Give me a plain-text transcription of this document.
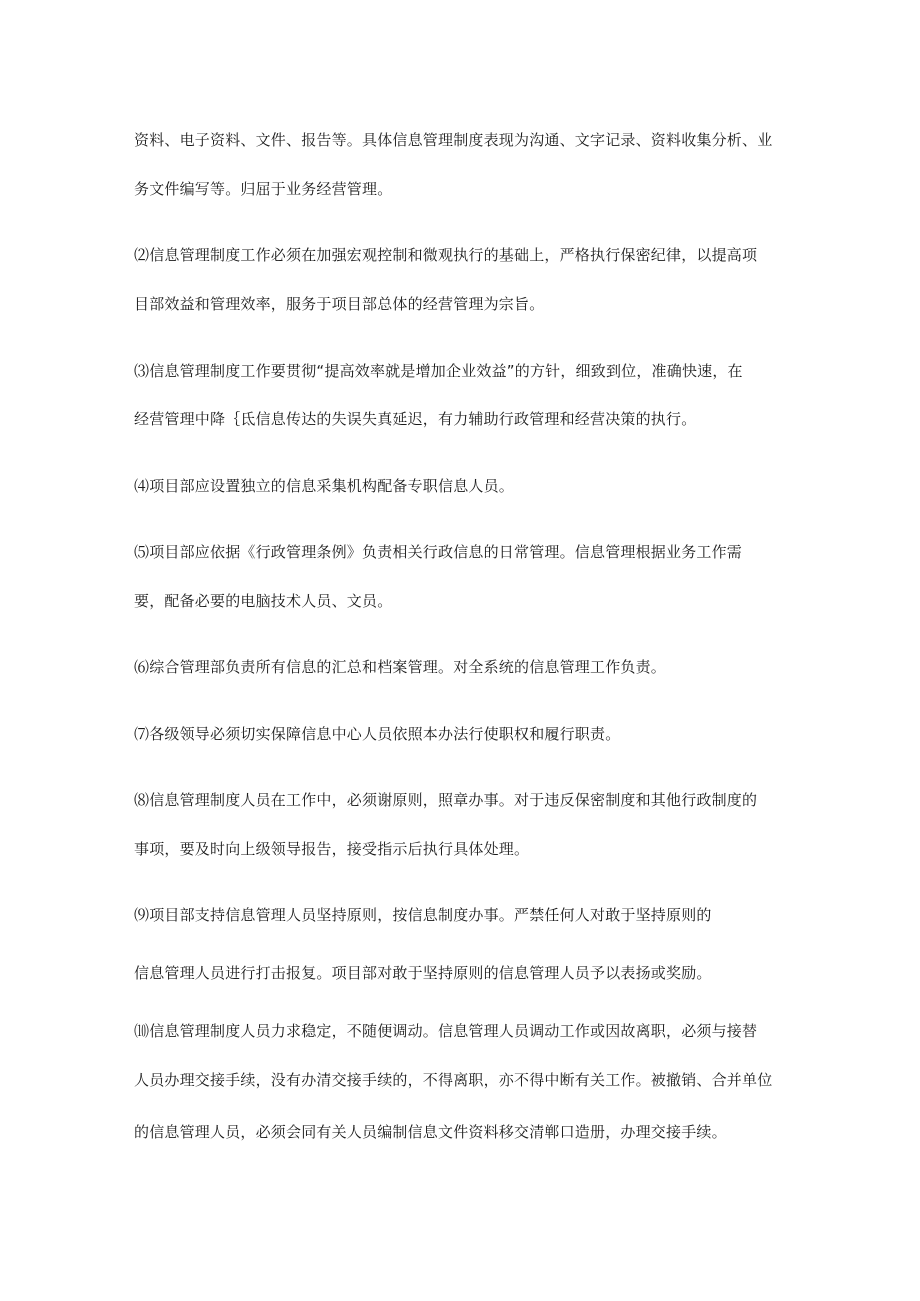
资料、电子资料、文件、报告等。具体信息管理制度表现为沟通、文字记录、资料收集分析、业
务文件编写等。归屈于业务经营管理。
⑵信息管理制度工作必须在加强宏观控制和微观执行的基础上，严格执行保密纪律，以提高项
目部效益和管理效率，服务于项目部总体的经营管理为宗旨。
⑶信息管理制度工作要贯彻“提高效率就是增加企业效益”的方针，细致到位，准确快速，在
经营管理中降｛氐信息传达的失误失真延迟，有力辅助行政管理和经营决策的执行。
⑷项目部应设置独立的信息采集机构配备专职信息人员。
⑸项目部应依据《行政管理条例》负责相关行政信息的日常管理。信息管理根据业务工作需
要，配备必要的电脑技术人员、文员。
⑹综合管理部负责所有信息的汇总和档案管理。对全系统的信息管理工作负责。
⑺各级领导必须切实保障信息中心人员依照本办法行使职权和履行职责。
⑻信息管理制度人员在工作中，必须谢原则，照章办事。对于违反保密制度和其他行政制度的
事项，要及时向上级领导报告，接受指示后执行具体处理。
⑼项目部支持信息管理人员坚持原则，按信息制度办事。严禁任何人对敢于坚持原则的
信息管理人员进行打击报复。项目部对敢于坚持原则的信息管理人员予以表扬或奖励。
⑽信息管理制度人员力求稳定，不随便调动。信息管理人员调动工作或因故离职，必须与接替
人员办理交接手续，没有办清交接手续的，不得离职，亦不得中断有关工作。被撤销、合并单位
的信息管理人员，必须会同有关人员编制信息文件资料移交清郸口造册，办理交接手续。
